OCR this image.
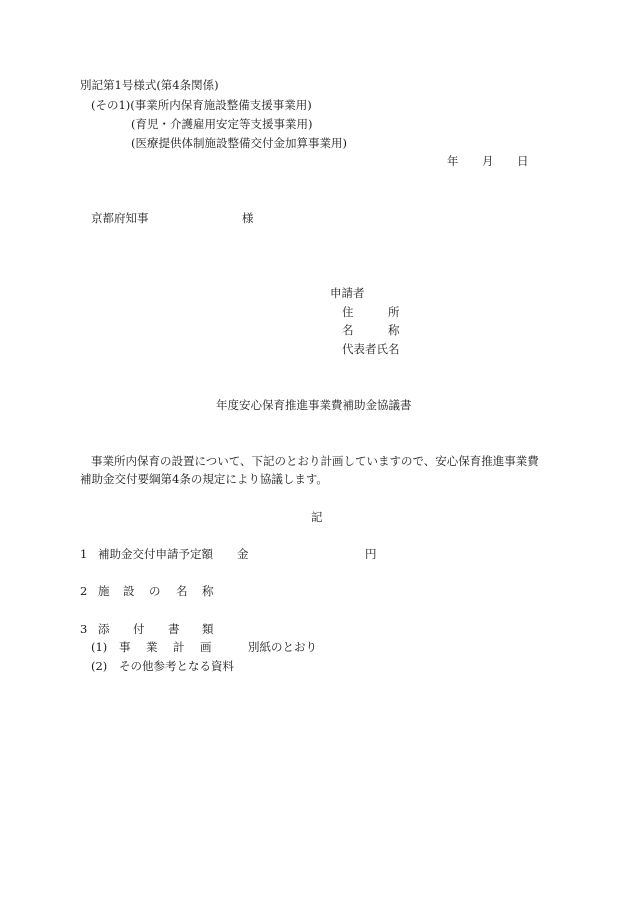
別記第1号様式(第4条関係)
(その1)(事業所内保育施設整備支援事業用)
(育児・介護雇用安定等支援事業用)
(医療提供体制施設整備交付金加算事業用)
年 月 日
京都府知事	様
申請者
住	所
名	称
代表者氏名
年度安心保育推進事業費補助金協議書
事業所内保育の設置について、下記のとおり計画していますので、安心保育推進事業費
補助金交付要綱第4条の規定により協議します。
記
1 補助金交付申請予定額 金	円
2 施 設 の 名 称
3 添 付 書 類
(1) 事 業 計 画	別紙のとおり
(2) その他参考となる資料
